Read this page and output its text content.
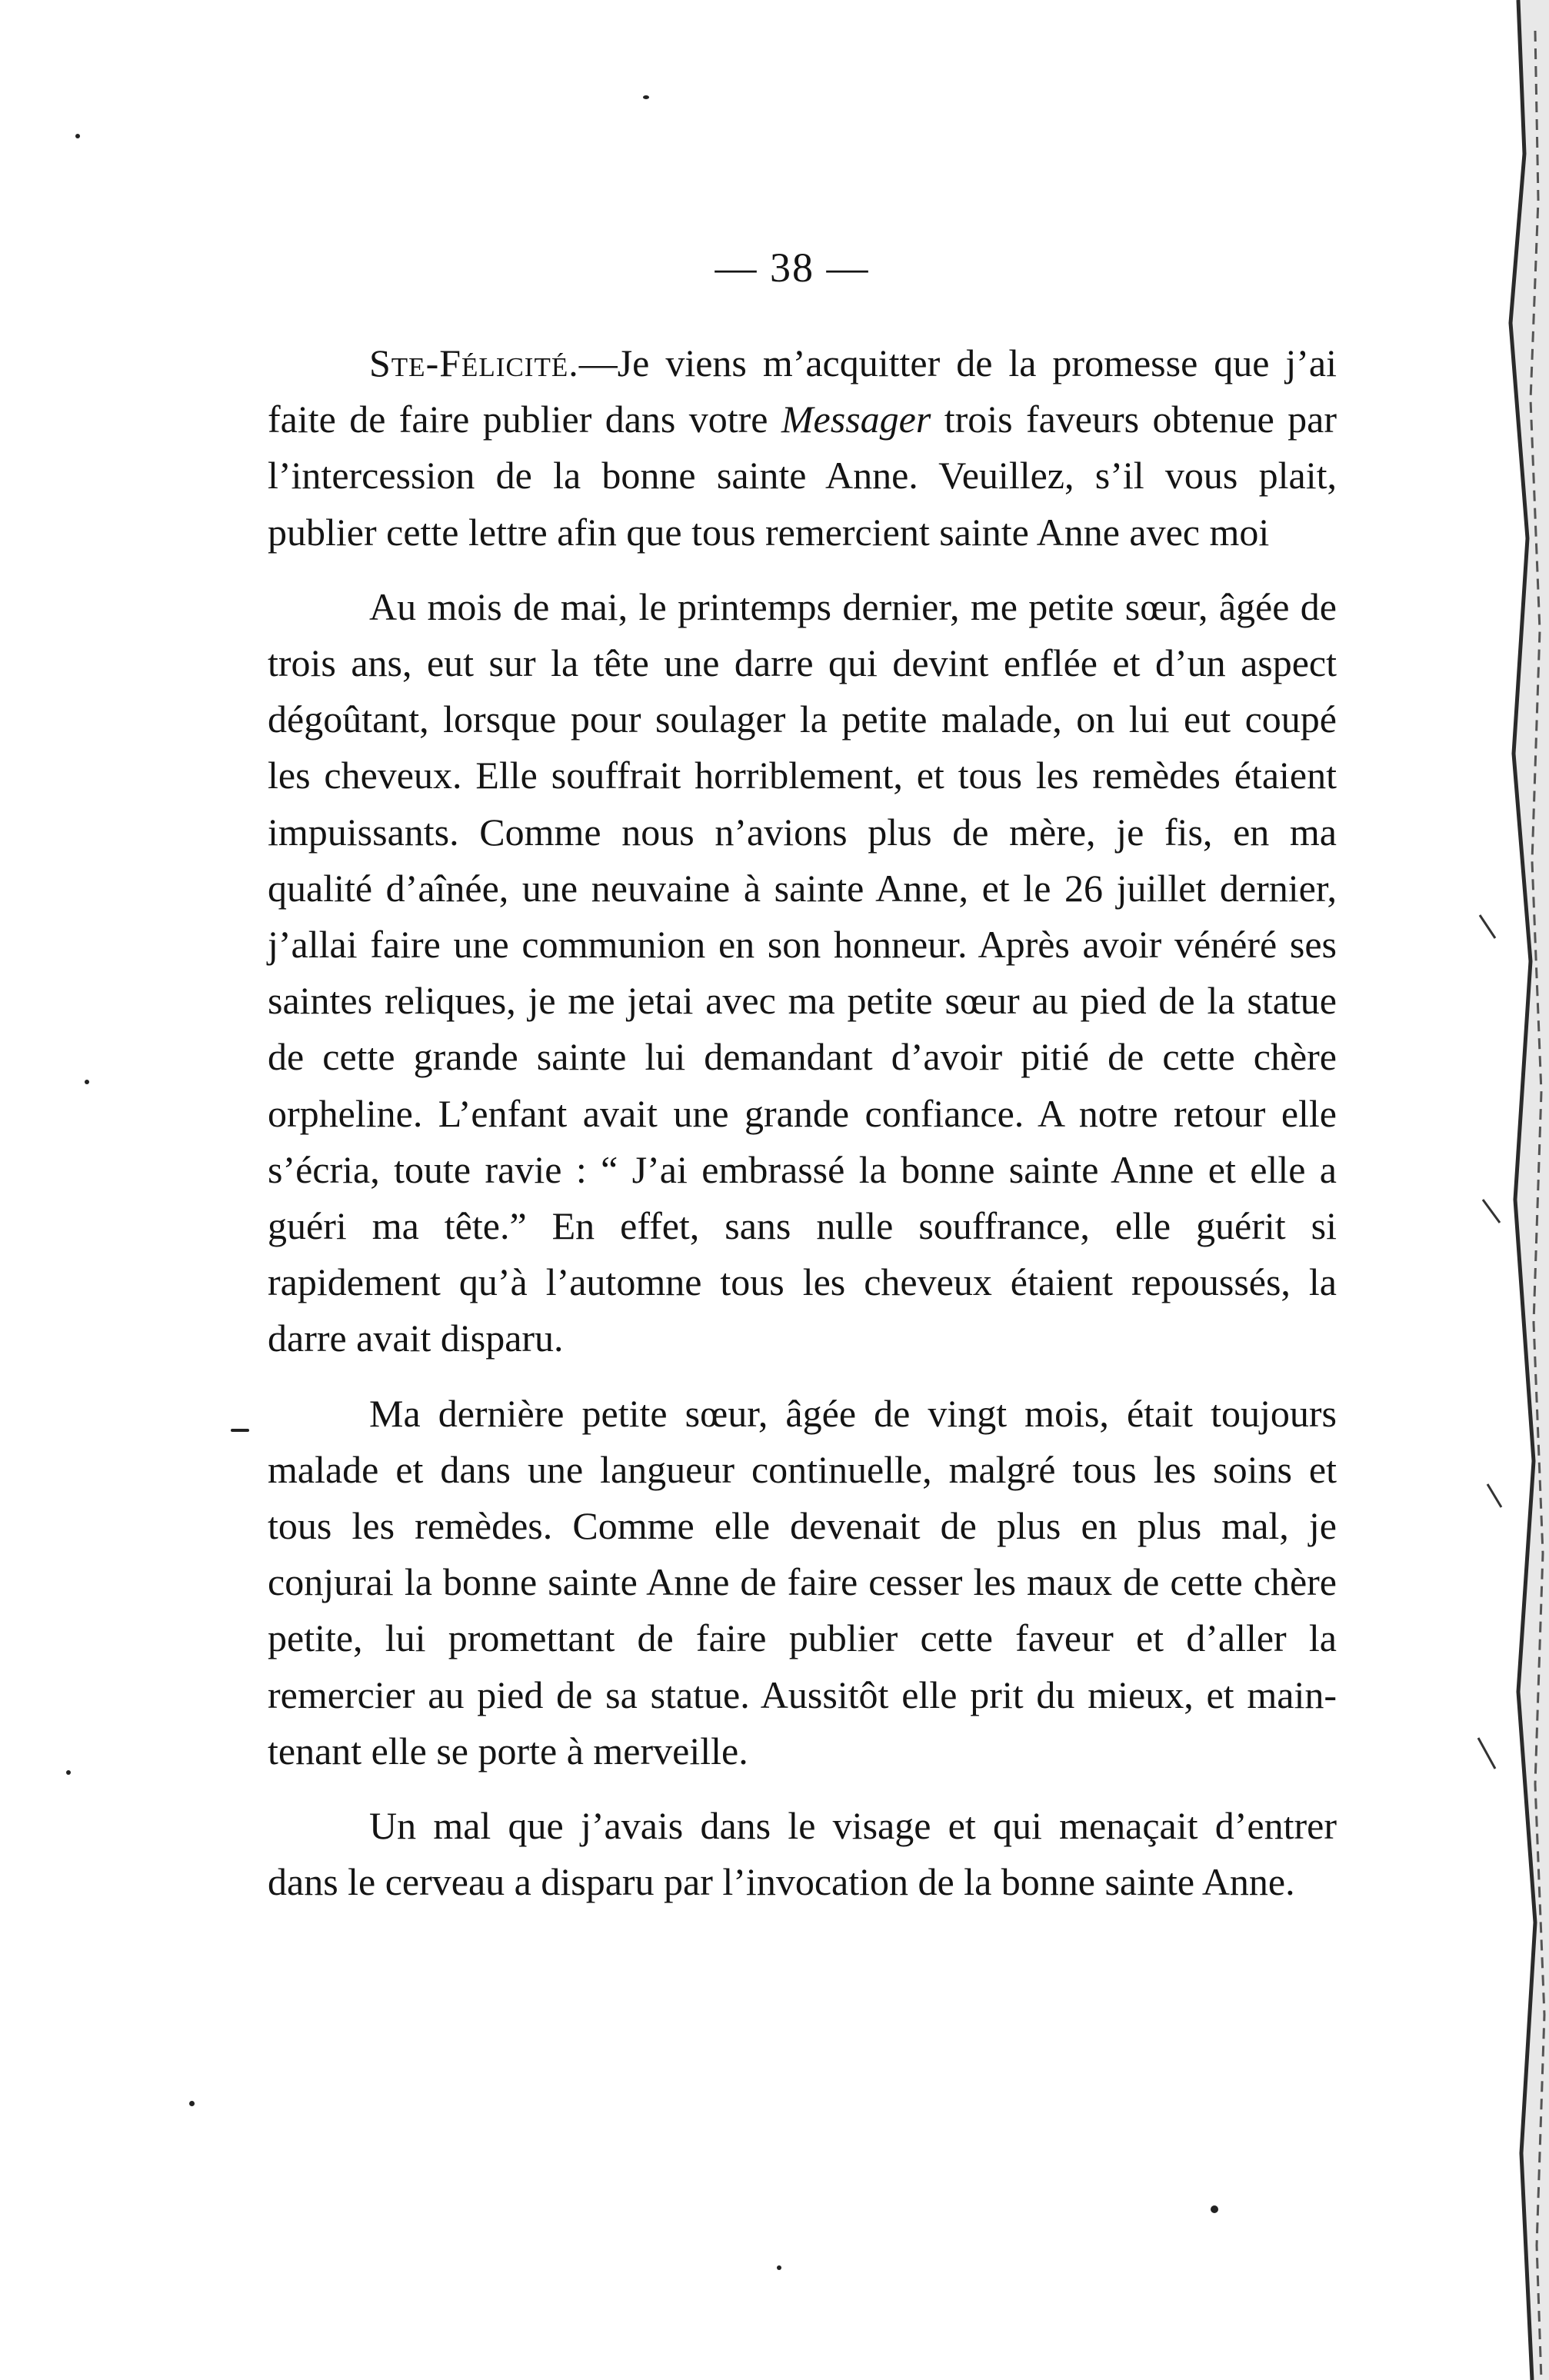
— 38 —

Ste-Félicité.—Je viens m’acquitter de la promesse que j’ai faite de faire publier dans votre Messager trois faveurs obtenue par l’intercession de la bonne sainte Anne. Veuillez, s’il vous plait, publier cette lettre afin que tous remercient sainte Anne avec moi

Au mois de mai, le printemps dernier, me petite sœur, âgée de trois ans, eut sur la tête une darre qui devint enflée et d’un aspect dégoûtant, lorsque pour soulager la petite malade, on lui eut coupé les cheveux. Elle souffrait horriblement, et tous les remèdes étaient impuissants. Comme nous n’avions plus de mère, je fis, en ma qualité d’aînée, une neuvaine à sainte Anne, et le 26 juillet dernier, j’allai faire une communion en son honneur. Après avoir vénéré ses saintes reliques, je me jetai avec ma petite sœur au pied de la statue de cette grande sainte lui demandant d’avoir pitié de cette chère orpheline. L’enfant avait une grande confiance. A notre retour elle s’écria, toute ravie : “ J’ai embrassé la bonne sainte Anne et elle a guéri ma tête.” En effet, sans nulle souffrance, elle guérit si rapidement qu’à l’automne tous les cheveux étaient repoussés, la darre avait disparu.

Ma dernière petite sœur, âgée de vingt mois, était toujours malade et dans une langueur continuelle, malgré tous les soins et tous les remèdes. Comme elle devenait de plus en plus mal, je conjurai la bonne sainte Anne de faire cesser les maux de cette chère petite, lui promettant de faire publier cette faveur et d’aller la remercier au pied de sa statue. Aussitôt elle prit du mieux, et maintenant elle se porte à merveille.

Un mal que j’avais dans le visage et qui menaçait d’entrer dans le cerveau a disparu par l’invocation de la bonne sainte Anne.
